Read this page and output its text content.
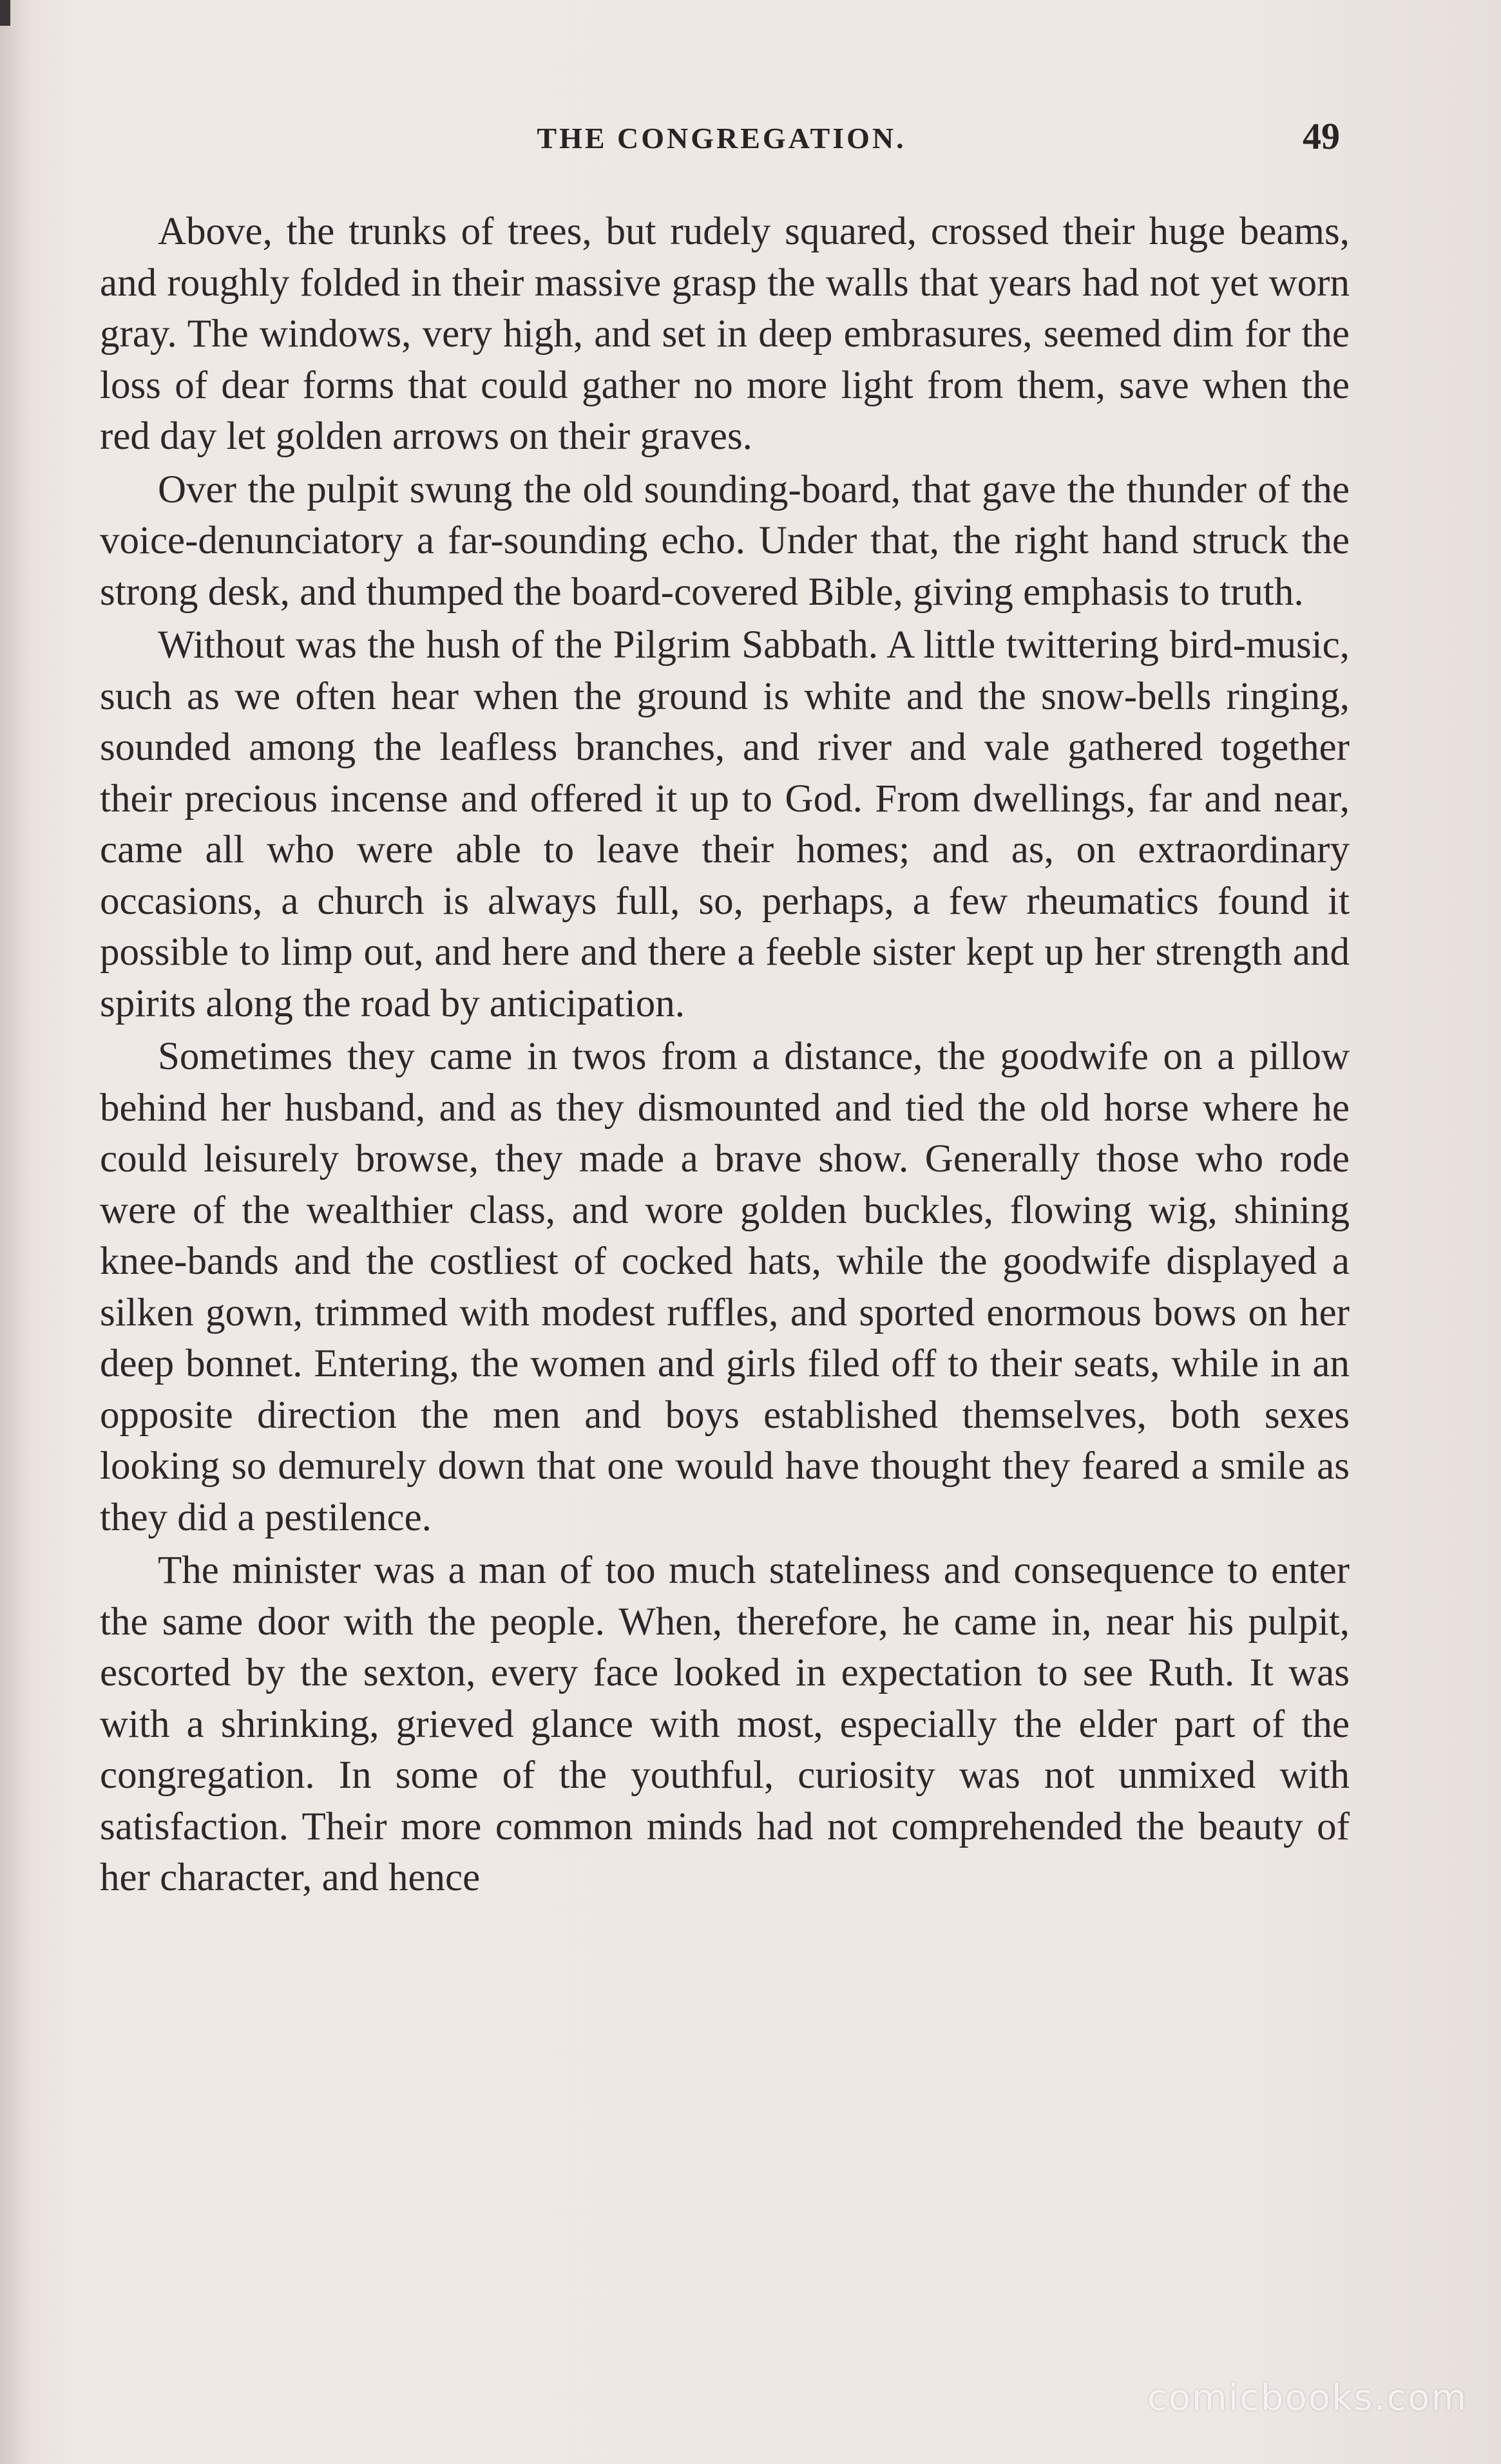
THE CONGREGATION.	49

Above, the trunks of trees, but rudely squared, crossed their huge beams, and roughly folded in their massive grasp the walls that years had not yet worn gray. The windows, very high, and set in deep embrasures, seemed dim for the loss of dear forms that could gather no more light from them, save when the red day let golden arrows on their graves.

Over the pulpit swung the old sounding-board, that gave the thunder of the voice-denunciatory a far-sounding echo. Under that, the right hand struck the strong desk, and thumped the board-covered Bible, giving emphasis to truth.

Without was the hush of the Pilgrim Sabbath. A little twittering bird-music, such as we often hear when the ground is white and the snow-bells ringing, sounded among the leafless branches, and river and vale gathered together their precious incense and offered it up to God. From dwellings, far and near, came all who were able to leave their homes; and as, on extraordinary occasions, a church is always full, so, perhaps, a few rheumatics found it possible to limp out, and here and there a feeble sister kept up her strength and spirits along the road by anticipation.

Sometimes they came in twos from a distance, the goodwife on a pillow behind her husband, and as they dismounted and tied the old horse where he could leisurely browse, they made a brave show. Generally those who rode were of the wealthier class, and wore golden buckles, flowing wig, shining knee-bands and the costliest of cocked hats, while the goodwife displayed a silken gown, trimmed with modest ruffles, and sported enormous bows on her deep bonnet. Entering, the women and girls filed off to their seats, while in an opposite direction the men and boys established themselves, both sexes looking so demurely down that one would have thought they feared a smile as they did a pestilence.

The minister was a man of too much stateliness and consequence to enter the same door with the people. When, therefore, he came in, near his pulpit, escorted by the sexton, every face looked in expectation to see Ruth. It was with a shrinking, grieved glance with most, especially the elder part of the congregation. In some of the youthful, curiosity was not unmixed with satisfaction. Their more common minds had not comprehended the beauty of her character, and hence

comicbooks.com
